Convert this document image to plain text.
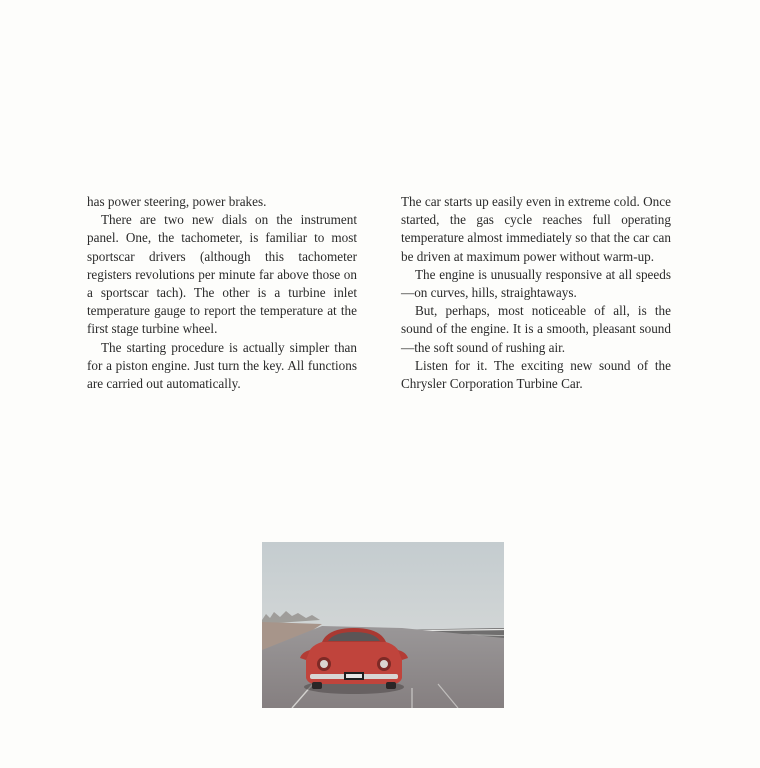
has power steering, power brakes.

There are two new dials on the instrument panel. One, the tachometer, is familiar to most sportscar drivers (although this tachometer registers revolutions per minute far above those on a sportscar tach). The other is a turbine inlet temperature gauge to report the temperature at the first stage turbine wheel.

The starting procedure is actually simpler than for a piston engine. Just turn the key. All functions are carried out automatically.

The car starts up easily even in extreme cold. Once started, the gas cycle reaches full operating temperature almost immediately so that the car can be driven at maximum power without warm-up.

The engine is unusually responsive at all speeds—on curves, hills, straightaways.

But, perhaps, most noticeable of all, is the sound of the engine. It is a smooth, pleasant sound—the soft sound of rushing air.

Listen for it. The exciting new sound of the Chrysler Corporation Turbine Car.
